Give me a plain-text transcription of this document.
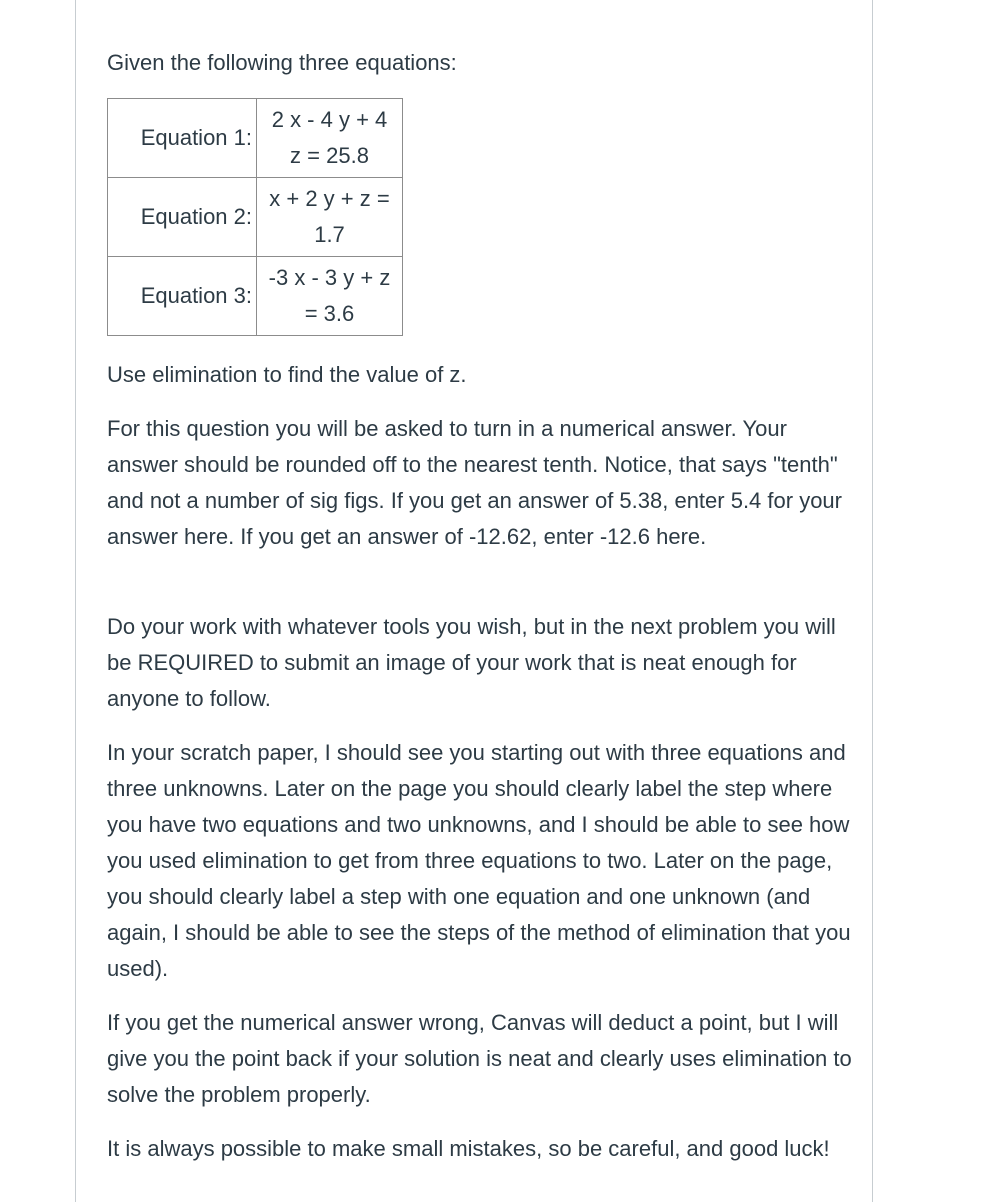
Given the following three equations:

Equation 1:	2 x - 4 y + 4
z = 25.8

Equation 2:	x + 2 y + z =
1.7

Equation 3:	-3 x - 3 y + z
= 3.6

Use elimination to find the value of z.

For this question you will be asked to turn in a numerical answer. Your answer should be rounded off to the nearest tenth. Notice, that says "tenth" and not a number of sig figs. If you get an answer of 5.38, enter 5.4 for your answer here. If you get an answer of -12.62, enter -12.6 here.

Do your work with whatever tools you wish, but in the next problem you will be REQUIRED to submit an image of your work that is neat enough for anyone to follow.

In your scratch paper, I should see you starting out with three equations and three unknowns. Later on the page you should clearly label the step where you have two equations and two unknowns, and I should be able to see how you used elimination to get from three equations to two. Later on the page, you should clearly label a step with one equation and one unknown (and again, I should be able to see the steps of the method of elimination that you used).

If you get the numerical answer wrong, Canvas will deduct a point, but I will give you the point back if your solution is neat and clearly uses elimination to solve the problem properly.

It is always possible to make small mistakes, so be careful, and good luck!
